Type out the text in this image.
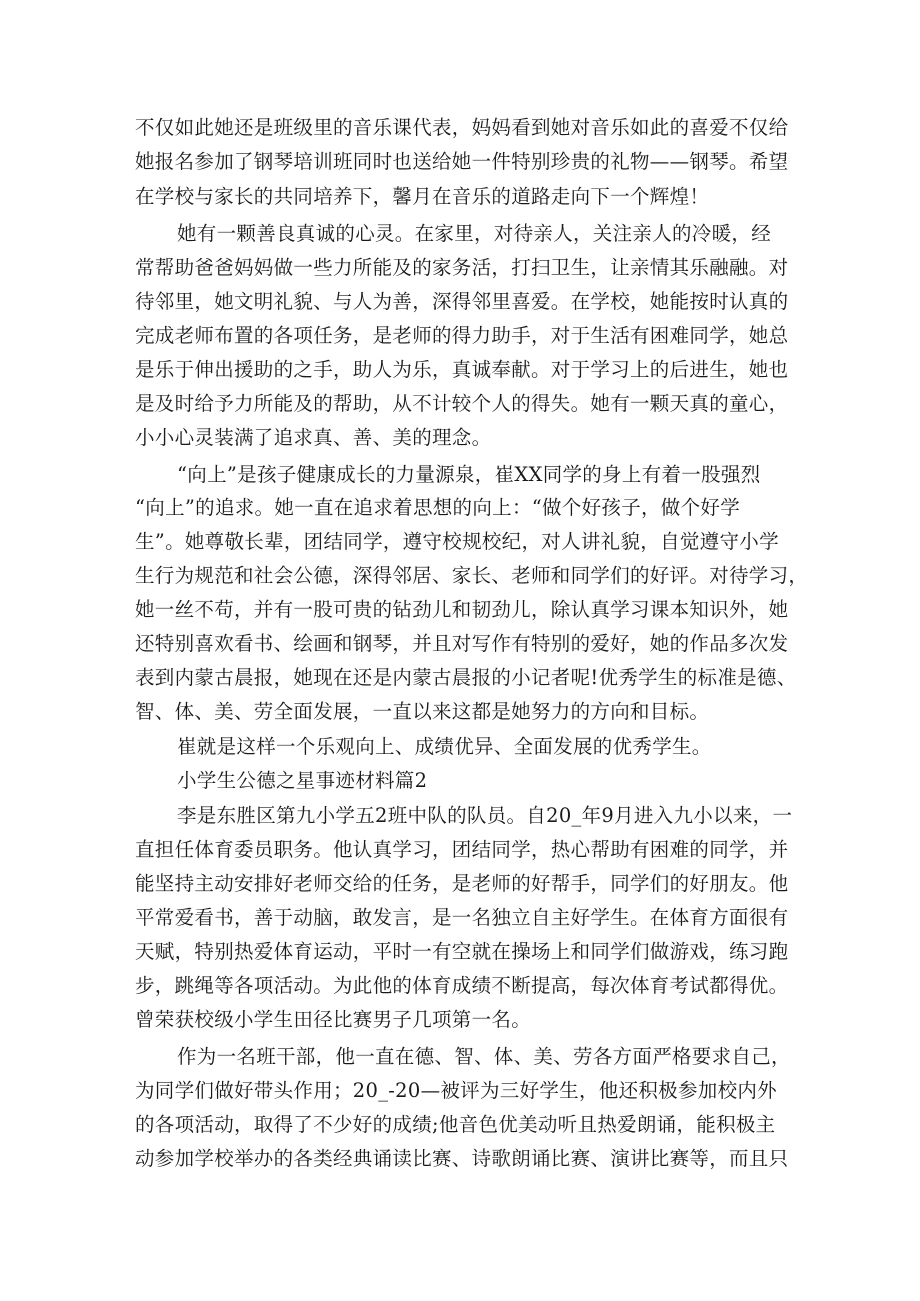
不仅如此她还是班级里的音乐课代表，妈妈看到她对音乐如此的喜爱不仅给
她报名参加了钢琴培训班同时也送给她一件特别珍贵的礼物——钢琴。希望
在学校与家长的共同培养下，馨月在音乐的道路走向下一个辉煌！
她有一颗善良真诚的心灵。在家里，对待亲人，关注亲人的冷暖，经
常帮助爸爸妈妈做一些力所能及的家务活，打扫卫生，让亲情其乐融融。对
待邻里，她文明礼貌、与人为善，深得邻里喜爱。在学校，她能按时认真的
完成老师布置的各项任务，是老师的得力助手，对于生活有困难同学，她总
是乐于伸出援助的之手，助人为乐，真诚奉献。对于学习上的后进生，她也
是及时给予力所能及的帮助，从不计较个人的得失。她有一颗天真的童心，
小小心灵装满了追求真、善、美的理念。
“向上”是孩子健康成长的力量源泉，崔XX同学的身上有着一股强烈
“向上”的追求。她一直在追求着思想的向上：“做个好孩子，做个好学
生”。她尊敬长辈，团结同学，遵守校规校纪，对人讲礼貌，自觉遵守小学
生行为规范和社会公德，深得邻居、家长、老师和同学们的好评。对待学习，
她一丝不苟，并有一股可贵的钻劲儿和韧劲儿，除认真学习课本知识外，她
还特别喜欢看书、绘画和钢琴，并且对写作有特别的爱好，她的作品多次发
表到内蒙古晨报，她现在还是内蒙古晨报的小记者呢!优秀学生的标准是德、
智、体、美、劳全面发展，一直以来这都是她努力的方向和目标。
崔就是这样一个乐观向上、成绩优异、全面发展的优秀学生。
小学生公德之星事迹材料篇2
李是东胜区第九小学五2班中队的队员。自20_年9月进入九小以来，一
直担任体育委员职务。他认真学习，团结同学，热心帮助有困难的同学，并
能坚持主动安排好老师交给的任务，是老师的好帮手，同学们的好朋友。他
平常爱看书，善于动脑，敢发言，是一名独立自主好学生。在体育方面很有
天赋，特别热爱体育运动，平时一有空就在操场上和同学们做游戏，练习跑
步，跳绳等各项活动。为此他的体育成绩不断提高，每次体育考试都得优。
曾荣获校级小学生田径比赛男子几项第一名。
作为一名班干部，他一直在德、智、体、美、劳各方面严格要求自己，
为同学们做好带头作用；20_-20—被评为三好学生，他还积极参加校内外
的各项活动，取得了不少好的成绩;他音色优美动听且热爱朗诵，能积极主
动参加学校举办的各类经典诵读比赛、诗歌朗诵比赛、演讲比赛等，而且只
